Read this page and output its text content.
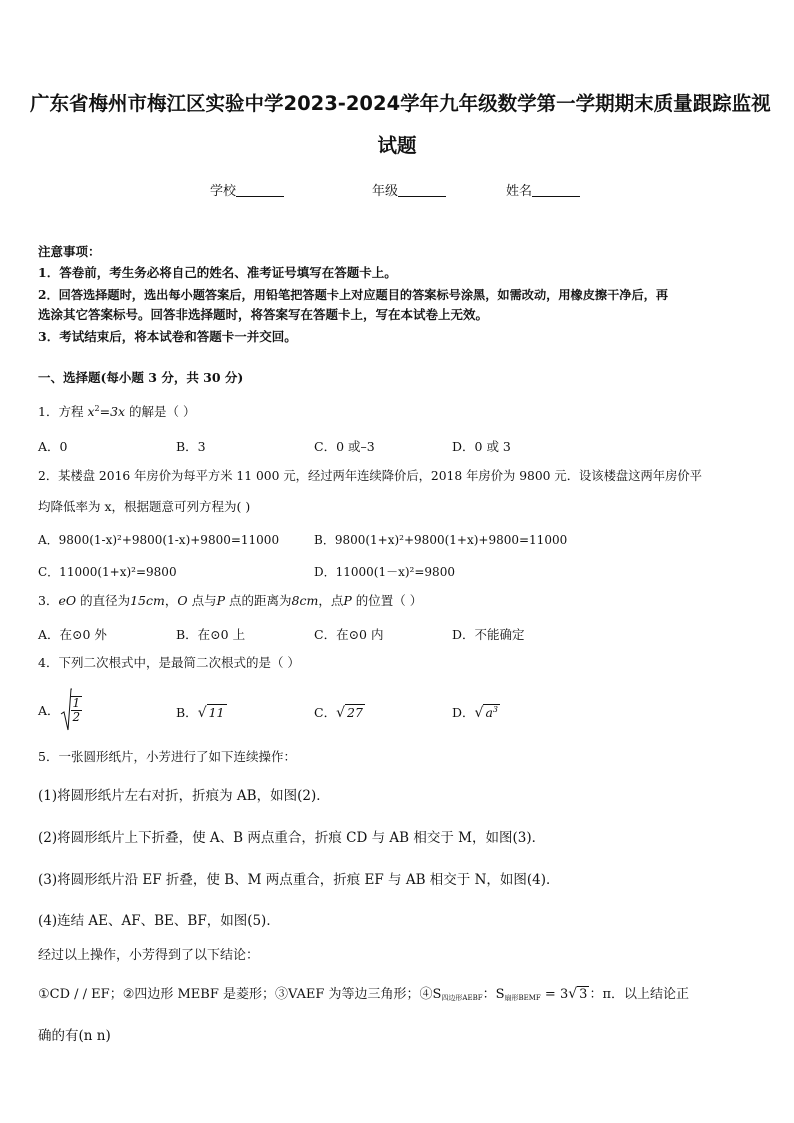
广东省梅州市梅江区实验中学2023-2024学年九年级数学第一学期期末质量跟踪监视
试题
学校	年级	姓名
注意事项：
1．答卷前，考生务必将自己的姓名、准考证号填写在答题卡上。
2．回答选择题时，选出每小题答案后，用铅笔把答题卡上对应题目的答案标号涂黑，如需改动，用橡皮擦干净后，再
选涂其它答案标号。回答非选择题时，将答案写在答题卡上，写在本试卷上无效。
3．考试结束后，将本试卷和答题卡一并交回。
一、选择题(每小题 3 分，共 30 分)
1．方程 $x^2=3x$ 的解是（ ）
A．0	B．3	C．0 或–3	D．0 或 3
2．某楼盘 2016 年房价为每平方米 11 000 元，经过两年连续降价后，2018 年房价为 9800 元．设该楼盘这两年房价平
均降低率为 x，根据题意可列方程为( )
A．9800(1-x)²+9800(1-x)+9800=11000	B．9800(1+x)²+9800(1+x)+9800=11000
C．11000(1+x)²=9800	D．11000(1－x)²=9800
3．eO 的直径为15cm，O 点与P 点的距离为8cm，点P 的位置（ ）
A．在⊙0 外	B．在⊙0 上	C．在⊙0 内	D．不能确定
4．下列二次根式中，是最简二次根式的是（ ）
A． $\frac{1}{2}$	B．√ 11	C．√ 27	D．√ $a^3$
5．一张圆形纸片，小芳进行了如下连续操作：
(1)将圆形纸片左右对折，折痕为 AB，如图(2)．
(2)将圆形纸片上下折叠，使 A、B 两点重合，折痕 CD 与 AB 相交于 M，如图(3)．
(3)将圆形纸片沿 EF 折叠，使 B、M 两点重合，折痕 EF 与 AB 相交于 N，如图(4)．
(4)连结 AE、AF、BE、BF，如图(5)．
经过以上操作，小芳得到了以下结论：
①CD / / EF；②四边形 MEBF 是菱形；③VAEF 为等边三角形；④S四边形AEBF：S扇形BEMF = 3√ 3 ：π．以上结论正
确的有(n n)
